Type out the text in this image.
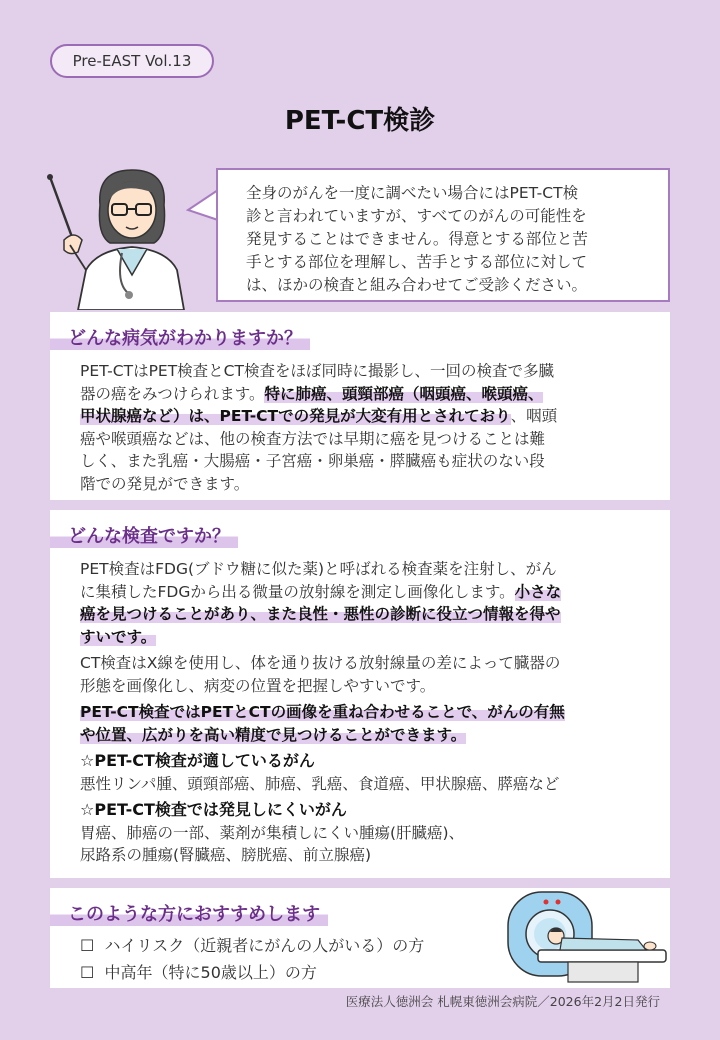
Pre-EAST Vol.13
PET-CT検診
全身のがんを一度に調べたい場合にはPET-CT検
診と言われていますが、すべてのがんの可能性を
発見することはできません。得意とする部位と苦
手とする部位を理解し、苦手とする部位に対して
は、ほかの検査と組み合わせてご受診ください。
どんな病気がわかりますか？
PET-CTはPET検査とCT検査をほぼ同時に撮影し、一回の検査で多臓
器の癌をみつけられます。特に肺癌、頭頸部癌（咽頭癌、喉頭癌、
甲状腺癌など）は、PET-CTでの発見が大変有用とされており、咽頭
癌や喉頭癌などは、他の検査方法では早期に癌を見つけることは難
しく、また乳癌・大腸癌・子宮癌・卵巣癌・膵臓癌も症状のない段
階での発見ができます。
どんな検査ですか？
PET検査はFDG(ブドウ糖に似た薬)と呼ばれる検査薬を注射し、がん
に集積したFDGから出る微量の放射線を測定し画像化します。小さな
癌を見つけることがあり、また良性・悪性の診断に役立つ情報を得や
すいです。
CT検査はX線を使用し、体を通り抜ける放射線量の差によって臓器の
形態を画像化し、病変の位置を把握しやすいです。
PET-CT検査ではPETとCTの画像を重ね合わせることで、がんの有無
や位置、広がりを高い精度で見つけることができます。
☆PET-CT検査が適しているがん
悪性リンパ腫、頭頸部癌、肺癌、乳癌、食道癌、甲状腺癌、膵癌など
☆PET-CT検査では発見しにくいがん
胃癌、肺癌の一部、薬剤が集積しにくい腫瘍(肝臓癌)、
尿路系の腫瘍(腎臓癌、膀胱癌、前立腺癌)
このような方におすすめします
☐ ハイリスク（近親者にがんの人がいる）の方
☐ 中高年（特に50歳以上）の方
医療法人徳洲会 札幌東徳洲会病院／2026年2月2日発行
